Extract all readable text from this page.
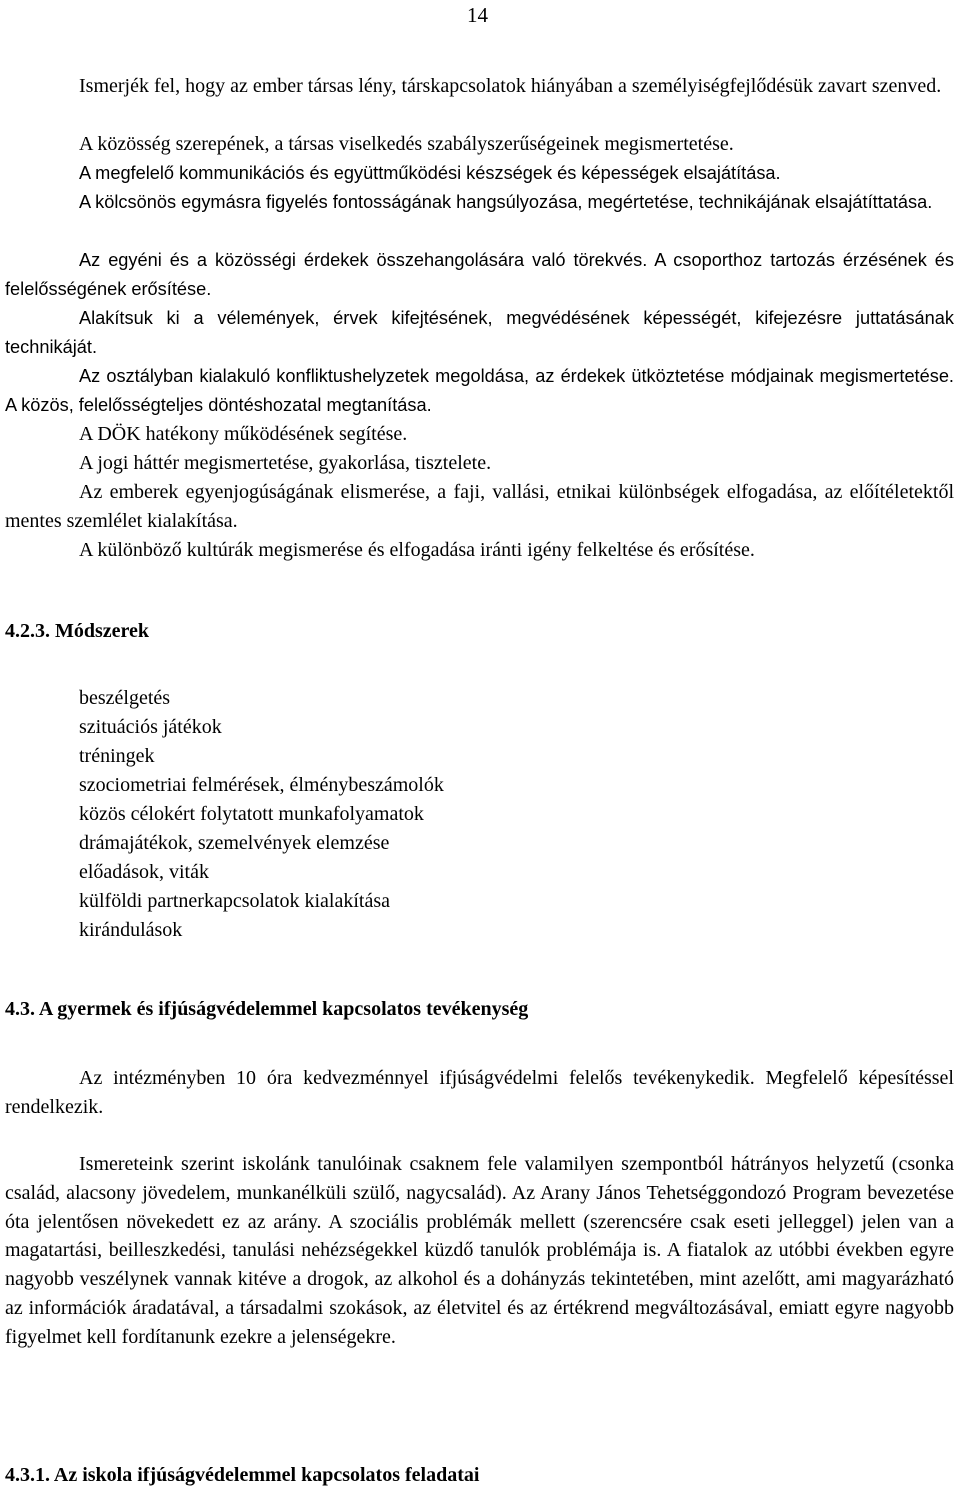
14

Ismerjék fel, hogy az ember társas lény, társkapcsolatok hiányában a személyiségfejlődésük zavart szenved.

A közösség szerepének, a társas viselkedés szabályszerűségeinek megismertetése.

A megfelelő kommunikációs és együttműködési készségek és képességek elsajátítása.

A kölcsönös egymásra figyelés fontosságának hangsúlyozása, megértetése, technikájának elsajátíttatása.

Az egyéni és a közösségi érdekek összehangolására való törekvés. A csoporthoz tartozás érzésének és felelősségének erősítése.

Alakítsuk ki a vélemények, érvek kifejtésének, megvédésének képességét, kifejezésre juttatásának technikáját.

Az osztályban kialakuló konfliktushelyzetek megoldása, az érdekek ütköztetése módjainak megismertetése. A közös, felelősségteljes döntéshozatal megtanítása.

A DÖK hatékony működésének segítése.

A jogi háttér megismertetése, gyakorlása, tisztelete.

Az emberek egyenjogúságának elismerése, a faji, vallási, etnikai különbségek elfogadása, az előítéletektől mentes szemlélet kialakítása.

A különböző kultúrák megismerése és elfogadása iránti igény felkeltése és erősítése.

4.2.3. Módszerek
beszélgetés
szituációs játékok
tréningek
szociometriai felmérések, élménybeszámolók
közös célokért folytatott munkafolyamatok
drámajátékok, szemelvények elemzése
előadások, viták
külföldi partnerkapcsolatok kialakítása
kirándulások
4.3. A gyermek és ifjúságvédelemmel kapcsolatos tevékenység

Az intézményben 10 óra kedvezménnyel ifjúságvédelmi felelős tevékenykedik. Megfelelő képesítéssel rendelkezik.

Ismereteink szerint iskolánk tanulóinak csaknem fele valamilyen szempontból hátrányos helyzetű (csonka család, alacsony jövedelem, munkanélküli szülő, nagycsalád). Az Arany János Tehetséggondozó Program bevezetése óta jelentősen növekedett ez az arány. A szociális problémák mellett (szerencsére csak eseti jelleggel) jelen van a magatartási, beilleszkedési, tanulási nehézségekkel küzdő tanulók problémája is. A fiatalok az utóbbi években egyre nagyobb veszélynek vannak kitéve a drogok, az alkohol és a dohányzás tekintetében, mint azelőtt, ami magyarázható az információk áradatával, a társadalmi szokások, az életvitel és az értékrend megváltozásával, emiatt egyre nagyobb figyelmet kell fordítanunk ezekre a jelenségekre.

4.3.1. Az iskola ifjúságvédelemmel kapcsolatos feladatai
